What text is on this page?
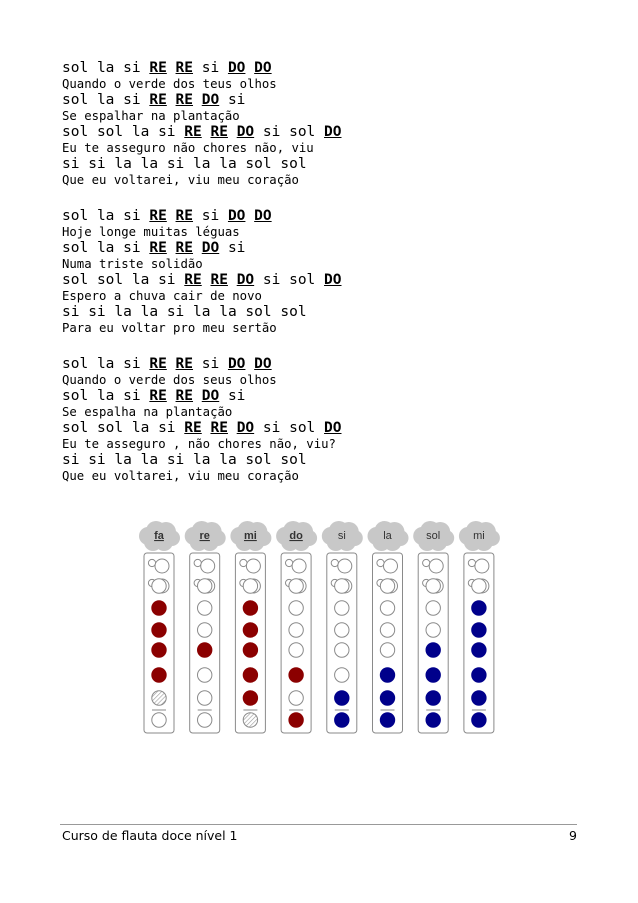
sol la si RE RE si DO DO
Quando o verde dos teus olhos
sol la si RE RE DO si
Se espalhar na plantação
sol sol la si RE RE DO si sol DO
Eu te asseguro não chores não, viu
si si la la si la la sol sol
Que eu voltarei, viu meu coração
sol la si RE RE si DO DO
Hoje longe muitas léguas
sol la si RE RE DO si
Numa triste solidão
sol sol la si RE RE DO si sol DO
Espero a chuva cair de novo
si si la la si la la sol sol
Para eu voltar pro meu sertão
sol la si RE RE si DO DO
Quando o verde dos seus olhos
sol la si RE RE DO si
Se espalha na plantação
sol sol la si RE RE DO si sol DO
Eu te asseguro , não chores não, viu?
si si la la si la la sol sol
Que eu voltarei, viu meu coração
fa	re	mi	do	si	la	sol	mi
Curso de flauta doce nível 1	9
